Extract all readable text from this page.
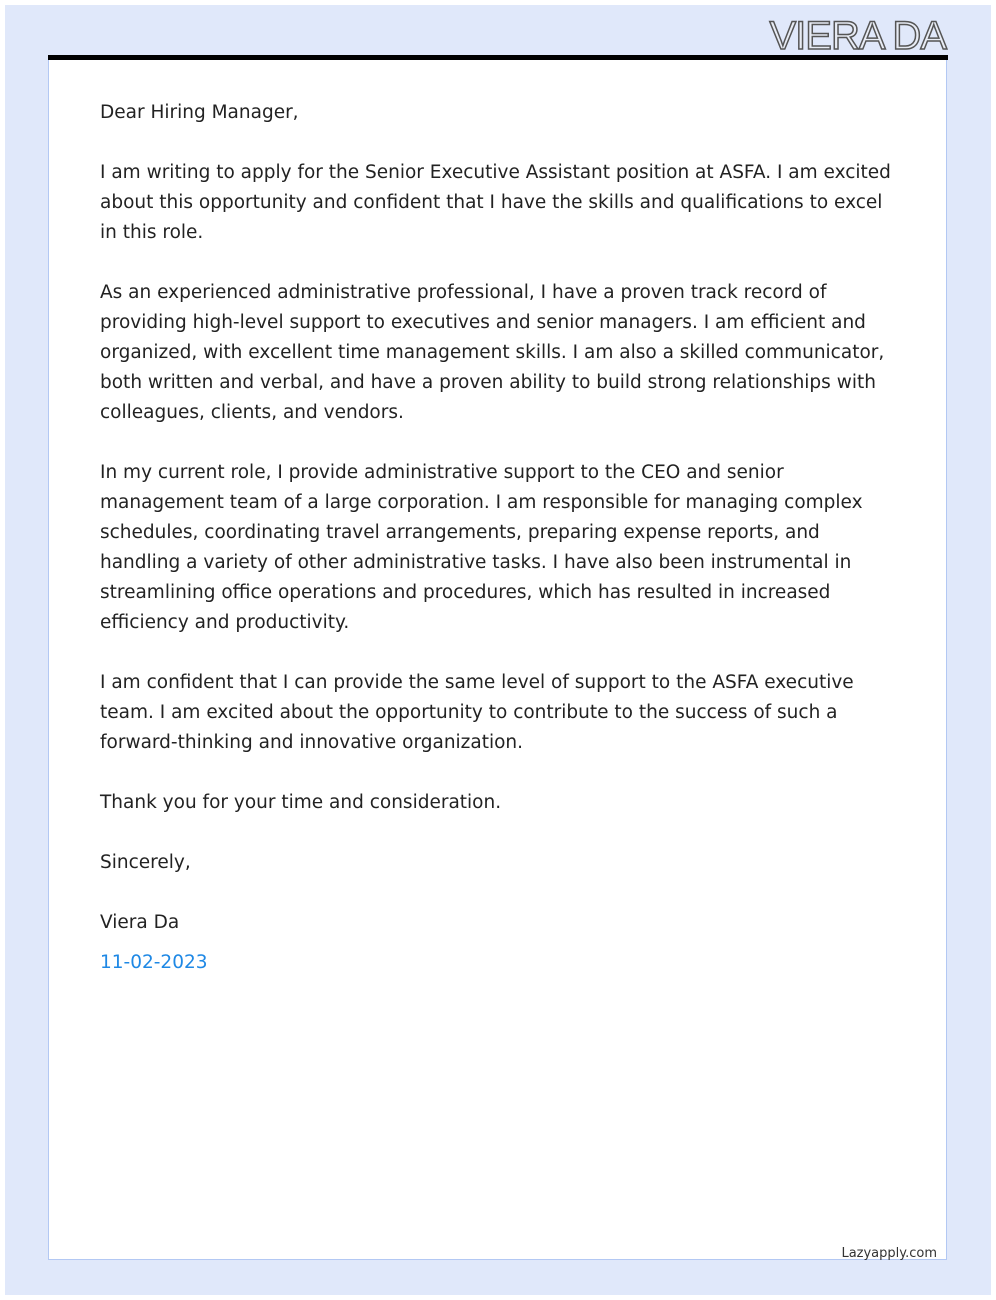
VIERA DA

Dear Hiring Manager,

I am writing to apply for the Senior Executive Assistant position at ASFA. I am excited about this opportunity and confident that I have the skills and qualifications to excel in this role.

As an experienced administrative professional, I have a proven track record of providing high-level support to executives and senior managers. I am efficient and organized, with excellent time management skills. I am also a skilled communicator, both written and verbal, and have a proven ability to build strong relationships with colleagues, clients, and vendors.

In my current role, I provide administrative support to the CEO and senior management team of a large corporation. I am responsible for managing complex schedules, coordinating travel arrangements, preparing expense reports, and handling a variety of other administrative tasks. I have also been instrumental in streamlining office operations and procedures, which has resulted in increased efficiency and productivity.

I am confident that I can provide the same level of support to the ASFA executive team. I am excited about the opportunity to contribute to the success of such a forward-thinking and innovative organization.

Thank you for your time and consideration.

Sincerely,

Viera Da

11-02-2023

Lazyapply.com
